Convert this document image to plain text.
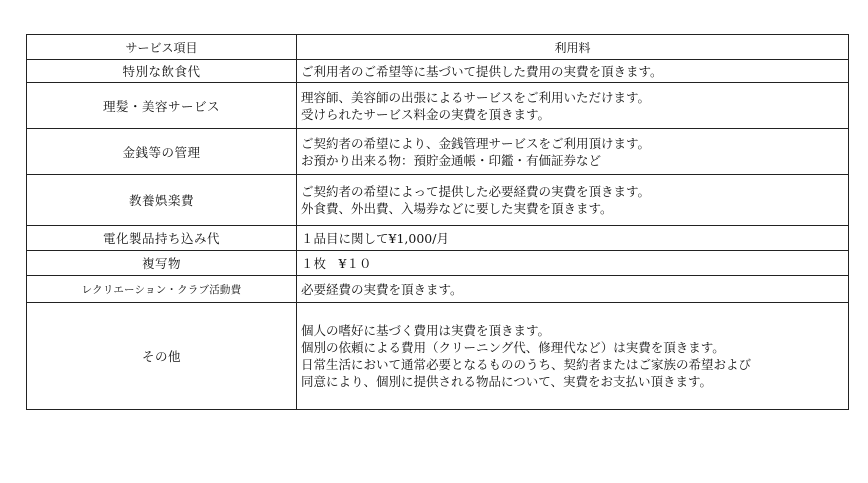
サービス項目	利用料
特別な飲食代	ご利用者のご希望等に基づいて提供した費用の実費を頂きます。

理髪・美容サービス	理容師、美容師の出張によるサービスをご利用いただけます。
受けられたサービス料金の実費を頂きます。

金銭等の管理	ご契約者の希望により、金銭管理サービスをご利用頂けます。
お預かり出来る物：預貯金通帳・印鑑・有価証券など

教養娯楽費	ご契約者の希望によって提供した必要経費の実費を頂きます。
外食費、外出費、入場券などに要した実費を頂きます。

電化製品持ち込み代	１品目に関して¥1,000/月

複写物	１枚　¥１０

レクリエーション・クラブ活動費	必要経費の実費を頂きます。

その他	個人の嗜好に基づく費用は実費を頂きます。
個別の依頼による費用（クリーニング代、修理代など）は実費を頂きます。
日常生活において通常必要となるもののうち、契約者またはご家族の希望および
同意により、個別に提供される物品について、実費をお支払い頂きます。
